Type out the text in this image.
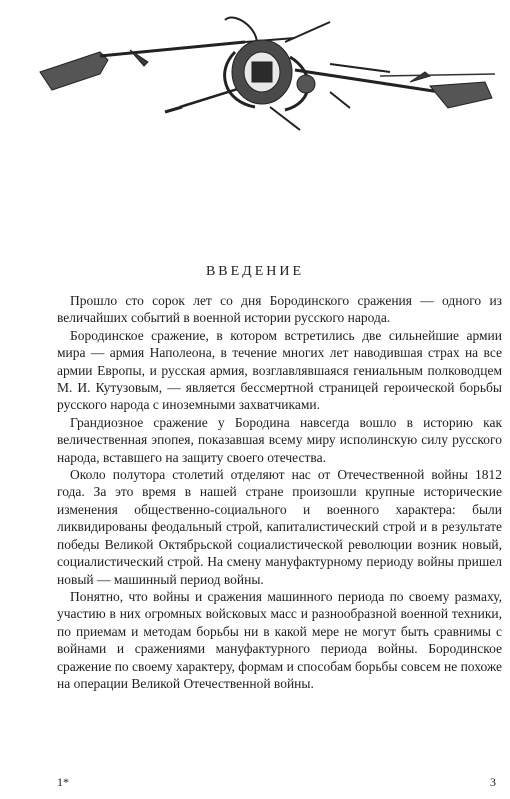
ВВЕДЕНИЕ

Прошло сто сорок лет со дня Бородинского сражения — одного из величайших событий в военной истории русского народа.

Бородинское сражение, в котором встретились две сильнейшие армии мира — армия Наполеона, в течение многих лет наводившая страх на все армии Европы, и русская армия, возглавлявшаяся гениальным полководцем М. И. Кутузовым, — является бессмертной страницей героической борьбы русского народа с иноземными захватчиками.

Грандиозное сражение у Бородина навсегда вошло в историю как величественная эпопея, показавшая всему миру исполинскую силу русского народа, вставшего на защиту своего отечества.

Около полутора столетий отделяют нас от Отечественной войны 1812 года. За это время в нашей стране произошли крупные исторические изменения общественно-социального и военного характера: были ликвидированы феодальный строй, капиталистический строй и в результате победы Великой Октябрьской социалистической революции возник новый, социалистический строй. На смену мануфактурному периоду войны пришел новый — машинный период войны.

Понятно, что войны и сражения машинного периода по своему размаху, участию в них огромных войсковых масс и разнообразной военной техники, по приемам и методам борьбы ни в какой мере не могут быть сравнимы с войнами и сражениями мануфактурного периода войны. Бородинское сражение по своему характеру, формам и способам борьбы совсем не похоже на операции Великой Отечественной войны.

1*	3
